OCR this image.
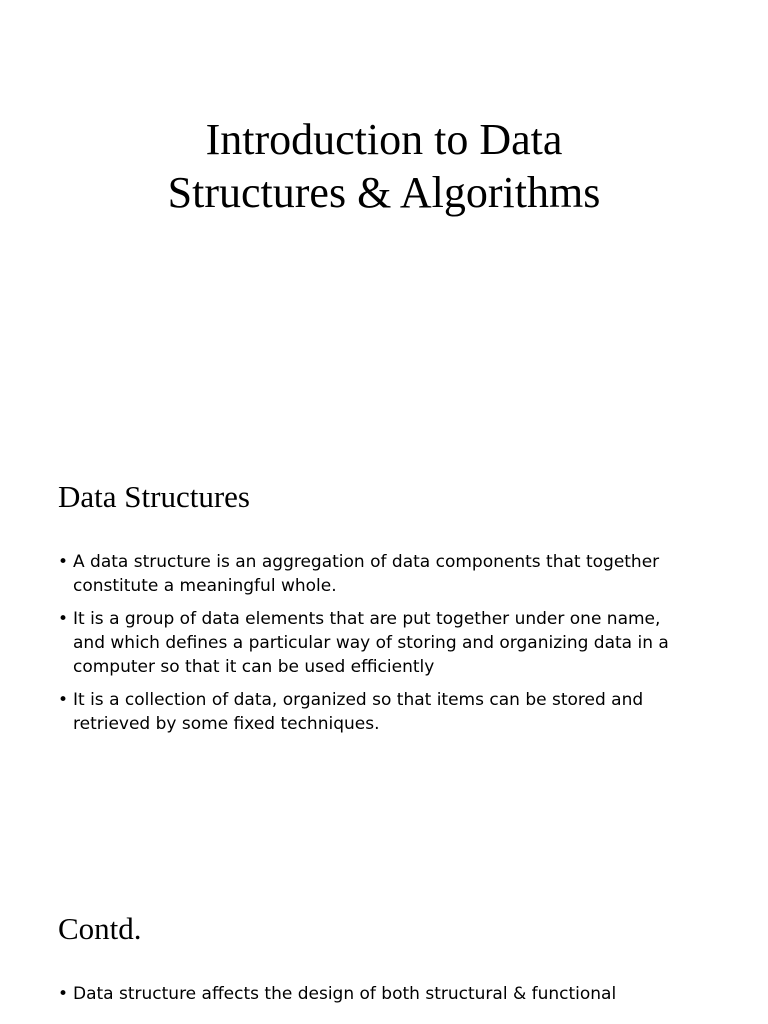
Introduction to Data
Structures & Algorithms
Data Structures
• A data structure is an aggregation of data components that together
constitute a meaningful whole.
• It is a group of data elements that are put together under one name,
and which defines a particular way of storing and organizing data in a
computer so that it can be used efficiently
• It is a collection of data, organized so that items can be stored and
retrieved by some fixed techniques.
Contd.
• Data structure affects the design of both structural & functional
